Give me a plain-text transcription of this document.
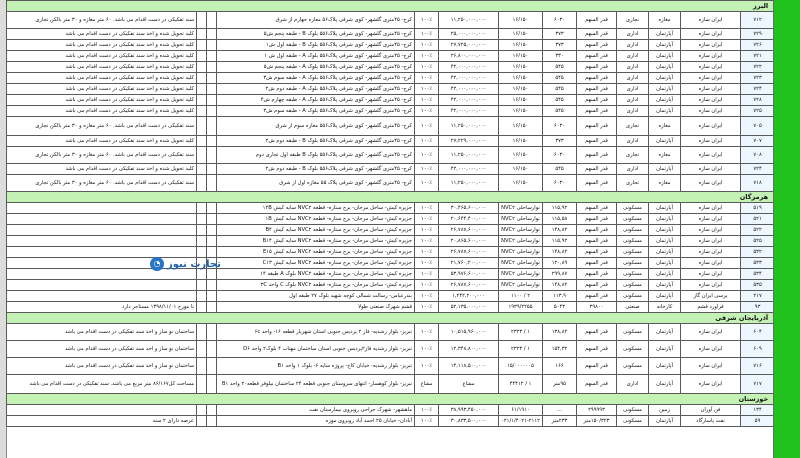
البرز												
سند تفکیکی در دست اقدام می باشد. ۶۰ متر مغازه و ۳۰ متر بالکن تجاری			کرج- ۴۵متری گلشهر- کوی شرقی پلاک۵۶ معازه جهارم از شرق	۱۰۰٪	۱۱,۲۵۰,۰۰۰,۰۰۰	۱۶/۱۵۰	۶۰۳۰	قدر السهم	تجاری	مغازه	ایران سازه	۷۱۲
کلید تحویل شده و اخذ سند تفکیکی در دست اقدام می باشد			کرج- ۴۵متری گلشهر- کوی شرقی پلاک۵۵۶ بلوک B - طبقه پنجم ش۵	۱۰۰٪	۲۵,۰۰۰,۰۰۰,۰۰۰	۱۶/۱۵۰	۳۷۳	قدر السهم	اداری	آپارتمان	ایران سازه	۷۲۹
کلید تحویل شده و اخذ سند تفکیکی در دست اقدام می باشد			کرج- ۴۵متری گلشهر- کوی شرقی پلاک۵۵۶ بلوک B - طبقه اول ش۱	۱۰۰٪	۲۷,۷۲۵,۰۰۰,۰۰۰	۱۶/۱۵۰	۳۷۳	قدر السهم	اداری	آپارتمان	ایران سازه	۷۲۶
کلید تحویل شده و اخذ سند تفکیکی در دست اقدام می باشد			کرج- ۴۵متری گلشهر- کوی شرقی پلاک۵۵۶ بلوک A - طبقه اول ش ۱	۱۰۰٪	۲۶,۸۰۰,۰۰۰,۰۰۰	۱۶/۱۵۰	۳۳۰	قدر السهم	اداری	آپارتمان	ایران سازه	۷۲۱
کلید تحویل شده و اخذ سند تفکیکی در دست اقدام می باشد			کرج- ۴۵متری گلشهر- کوی شرقی پلاک۵۵۶ بلوک A - طبقه پنجم ش۵	۱۰۰٪	۴۲,۰۰۰,۰۰۰,۰۰۰	۱۶/۱۵۰	۵۴۵	قدر السهم	اداری	آپارتمان	ایران سازه	۷۲۲
کلید تحویل شده و اخذ سند تفکیکی در دست اقدام می باشد			کرج- ۴۵متری گلشهر- کوی شرقی پلاک۵۵۶ بلوک A - طبقه سوم ش۳	۱۰۰٪	۴۲,۰۰۰,۰۰۰,۰۰۰	۱۶/۱۵۰	۵۴۵	قدر السهم	اداری	آپارتمان	ایران سازه	۷۲۳
کلید تحویل شده و اخذ سند تفکیکی در دست اقدام می باشد			کرج- ۴۵متری گلشهر- کوی شرقی پلاک۵۵۶ بلوک A - طبقه دوم ش۲	۱۰۰٪	۴۲,۰۰۰,۰۰۰,۰۰۰	۱۶/۱۵۰	۵۴۵	قدر السهم	اداری	آپارتمان	ایران سازه	۷۲۴
کلید تحویل شده و اخذ سند تفکیکی در دست اقدام می باشد			کرج- ۴۵متری گلشهر- کوی شرقی پلاک۵۵۶ بلوک A - طبقه چهارم ش۴	۱۰۰٪	۴۲,۰۰۰,۰۰۰,۰۰۰	۱۶/۱۵۰	۵۴۵	قدر السهم	اداری	آپارتمان	ایران سازه	۷۲۸
کلید تحویل شده و اخذ سند تفکیکی در دست اقدام می باشد			کرج- ۴۵متری گلشهر- کوی شرقی پلاک۵۵۶ بلوک A - طبقه سوم ش۳	۱۰۰٪	۴۲,۰۰۰,۰۰۰,۰۰۰	۱۶/۱۵۰	۵۴۵	قدر السهم	اداری	آپارتمان	ایران سازه	۷۲۵
سند تفکیکی در دست اقدام می باشد. ۶۰ متر مغازه و ۳۰ متر بالکن تجاری			کرج- ۴۵متری گلشهر- کوی شرقی پلاک۵۵۶ مغازه سوم از شرق	۱۰۰٪	۱۱,۲۵۰,۰۰۰,۰۰۰	۱۶/۱۵۰	۶۰۳۰	قدر السهم	تجاری	مغازه	ایران سازه	۷۰۵
کلید تحویل شده و اخذ سند تفکیکی در دست اقدام می باشد			کرج- ۴۵متری گلشهر- کوی شرقی پلاک۵۵۶ بلوک B - طبقه دوم ش۲	۱۰۰٪	۲۷,۲۲۹,۰۰۰,۰۰۰	۱۶/۱۵۰	۳۷۳	قدر السهم	اداری	آپارتمان	ایران سازه	۷۰۷
سند تفکیکی در دست اقدام می باشد. ۶۰ متر مغازه و ۳۰ متر بالکن تجاری			کرج- ۴۵متری گلشهر- کوی شرقی پلاک۵۵۶ بلوک B طبقه اول تجاری دوم	۱۰۰٪	۱۱,۲۵۰,۰۰۰,۰۰۰	۱۶/۱۵۰	۶۰۳۰	قدر السهم	تجاری	مغازه	ایران سازه	۷۰۸
کلید تحویل شده و اخذ سند تفکیکی در دست اقدام می باشد			کرج- ۴۵متری گلشهر- کوی شرقی پلاک۵۵۶ بلوک B - طبقه دوم ش۲	۱۰۰٪	۴۲,۰۰۰,۰۰۰,۰۰۰	۱۶/۱۵۰	۵۴۵	قدر السهم	اداری	آپارتمان	ایران سازه	۷۲۴
سند تفکیکی در دست اقدام می باشد. ۶۰ متر مغازه و ۳۰ متر بالکن تجاری			کرج- ۴۵متری گلشهر- کوی شرقی پلاک ۵۵ مغازه اول از شرق	۱۰۰٪	۱۱,۲۵۰,۰۰۰,۰۰۰	۱۶/۱۵۰	۶۰۳۰	قدر السهم	تجاری	مغازه	ایران سازه	۷۱۸
هرمزگان												
			جزیره کیش- ساحل مرجان- برج ستاره- قطعه NVC۲ سایه کیش ۱۲B	۱۰۰٪	۳۰,۴۶۵,۶۰۰,۰۰۰	نوارساحلی NVC۲	۱۱۵,۹۲	قدر السهم	مسکونی	آپارتمان	ایران سازه	۵۱۹
			جزیره کیش- ساحل مرجان- برج ستاره- قطعه NVC۲ سایه کیش ۱B	۱۰۰٪	۲۰,۶۴۴,۴۰۰,۰۰۰	نوارساحلی NVC۲	۱۱۵,۵۸	قدر السهم	مسکونی	آپارتمان	ایران سازه	۵۲۱
			جزیره کیش- ساحل مرجان- برج ستاره- قطعه NVC۲ سایه کیش B۴	۱۰۰٪	۲۶,۷۸۷,۶۰۰,۰۰۰	نوارساحلی NVC۲	۱۴۸,۸۲	قدر السهم	مسکونی	آپارتمان	ایران سازه	۵۲۲
			جزیره کیش- ساحل مرجان- برج ستاره- قطعه NVC۲ سایه کیش B۱۴	۱۰۰٪	۲۰,۸۶۵,۶۰۰,۰۰۰	نوارساحلی NVC۲	۱۱۵,۹۲	قدر السهم	مسکونی	آپارتمان	ایران سازه	۵۲۵
			جزیره کیش- ساحل مرجان- برج ستاره- قطعه NVC۲ سایه کیش E۱۵	۱۰۰٪	۲۶,۷۸۷,۶۰۰,۰۰۰	نوارساحلی NVC۲	۱۴۸,۸۲	قدر السهم	مسکونی	آپارتمان	ایران سازه	۵۳۲
			جزیره کیش- ساحل مرجان- برج ستاره- قطعه NVC۲ سایه کیش C۱۳	۱۰۰٪	۲۱,۷۶۰,۲۰۰,۰۰۰	نوارساحلی NVC۲	۱۲۰,۸۹	قدر السهم	مسکونی	آپارتمان	ایران سازه	۵۳۳
			جزیره کیش- ساحل مرجان- برج ستاره- قطعه NVC۲ بلوک A طبقه ۱۴	۱۰۰٪	۵۳,۹۷۶,۶۰۰,۰۰۰	نوارساحلی NVC۲	۲۹۹,۸۷	قدر السهم	مسکونی	آپارتمان	ایران سازه	۵۳۴
			جزیره کیش- ساحل مرجان- برج ستاره- قطعه NVC۲ بلوک C واحد ۳C	۱۰۰٪	۲۶,۷۸۷,۶۰۰,۰۰۰	نوارساحلی NVC۲	۱۴۸,۸۲	قدر السهم	مسکونی	آپارتمان	ایران سازه	۵۳۵
			بندرعباس- رسالت شمالی کوچه شهید بلوک ۲۷ طبقه اول	۱۰۰٪	۱,۲۴۲,۲۰۰,۰۰۰	۲ / ۱۱۰۰	۱۱۳,۹	قدر السهم	مسکونی	آپارتمان	پرسی ایران گاز	۲۱۷
تا مورخ ۱۳۹۸/۱۱/۰۱ مستاجر دارد			قشم شهرک صنعتی طولا	۱۰۰٪	۵۲,۱۳۵,۰۰۰,۰۰۰	۱۹۳۹/۲۲۵۵	۵۰۴۳	۳۹۸۰۰	صنعتی	کارخانه	فراورد قشم	۹۳
آذربایجان شرقی												
ساختمان نو ساز و اخذ سند تفکیکی در دست اقدام می باشد			تبریز- بلوار رشدیه- فاز ۲ پردیس جنوبی استان شهریار قطعه ۱۶- واحد ۶c	۱۰۰٪	۱۰,۵۱۵,۹۶۰,۰۰۰	۱ / ۲۳۲۳	۱۳۸,۸۲	قدر السهم	مسکونی	آپارتمان	ایران سازه	۶۰۴
ساختمان نو ساز و اخذ سند تفکیکی در دست اقدام می باشد			تبریز- بلوار رشدیه فاز۲پردیس جنوبی استان ساختمان مهتاب ۴ بلوک۲ واحد D۶	۱۰۰٪	۱۲,۳۴۸,۸۰۰,۰۰۰	۱ / ۲۳۲۳	۱۵۴,۳۲	قدر السهم	مسکونی	آپارتمان	ایران سازه	۶۰۹
ساختمان نو ساز و اخذ سند تفکیکی در دست اقدام می باشد			تبریز- بلوار رشدیه- خیابان کاج- پروژه سایه ۶- بلوک ۱ واحد B۱	۱۰۰٪	۱۴,۱۱۸,۵۰۰,۰۰۰	۱۵/۰۰۰۰۰۰۵	۱۶۶	قدر السهم	مسکونی	آپارتمان	ایران سازه	۷۱۶
مساحت کل۸۶/۱۶۷ متر مربع می باشد. سند تفکیکی در دست اقدام می باشد			تبریز- بلوار کوهسار- انتهای سروستان جنوبی قطعه ۲۴ ساختمان نیلوفر قطعه۲۰ واحد B۱	مشاع	مشاع	۱ / ۴۴۴۱۲	۹۵متر	قدر السهم	اداری	آپارتمان	ایران سازه	۷۱۷
خوزستان												
			ماهشهر- شهرک جراحی روبروی بیمارستان نفت	۱۰۰٪	۳۸,۹۹۳,۴۵۰,۰۰۰	۶۱/۱۹۱۰	...	۲۹۹۹۹۳	مسکونی	زمین	فن آوران	۱۳۴
عرصه دارای ۲ سند			آبادان- خیابان ۲۵ احمد آباد روبروی موزه	۱۰۰٪	۳۰,۸۳۳,۵۰۰,۰۰۰	۰۲۱/۱/۴۰۲۱-۲۱۱۲	۲۳۳متر	۱۵۰/۳۲۳متر	مسکونی	آپارتمان	نفت پاسارگاد	۵۹
تجارت نیوز
◔
